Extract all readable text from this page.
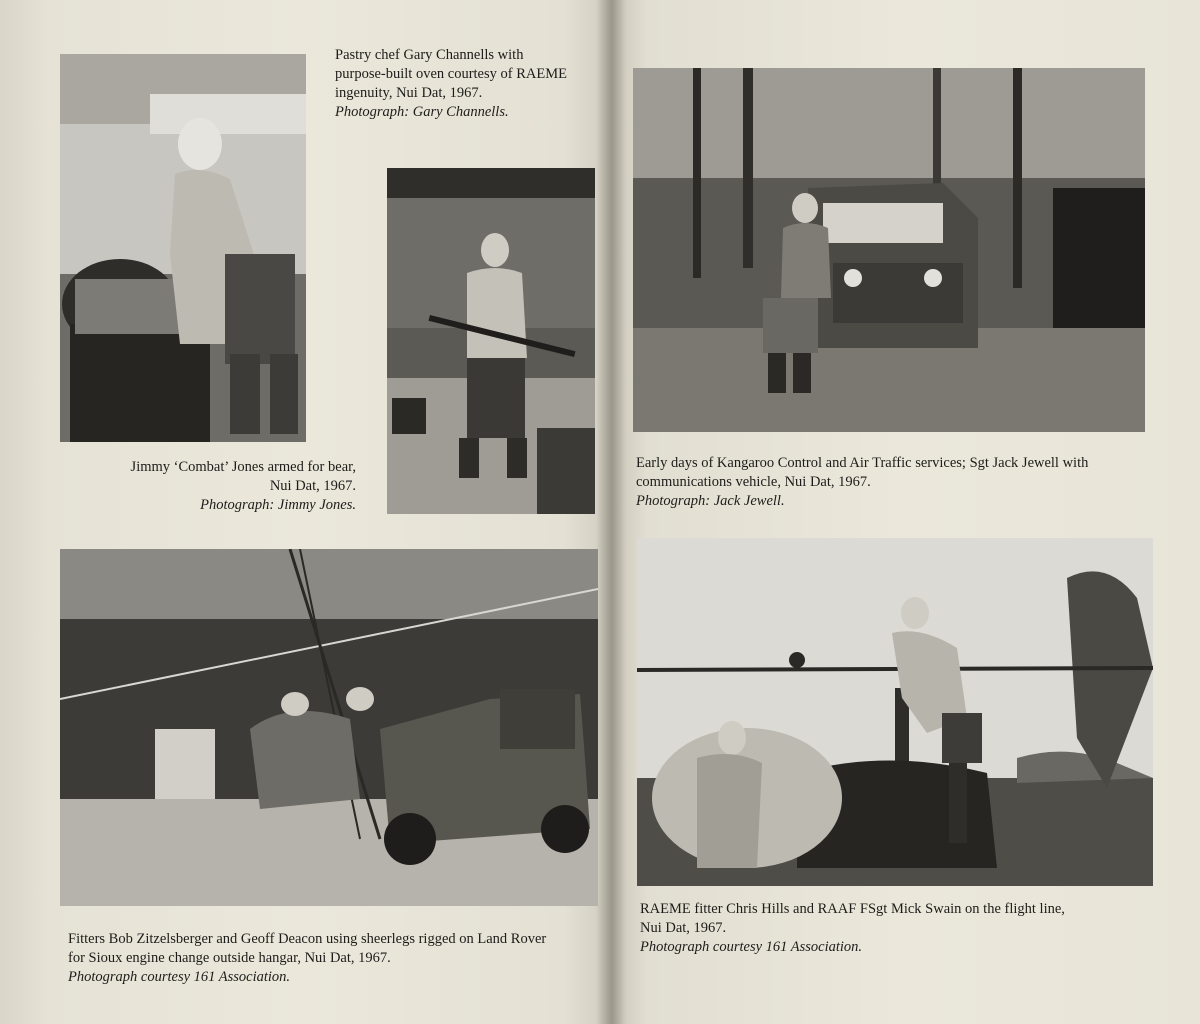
Pastry chef Gary Channells with
purpose-built oven courtesy of RAEME
ingenuity, Nui Dat, 1967.
Photograph: Gary Channells.
Jimmy ‘Combat’ Jones armed for bear,
Nui Dat, 1967.
Photograph: Jimmy Jones.
Fitters Bob Zitzelsberger and Geoff Deacon using sheerlegs rigged on Land Rover
for Sioux engine change outside hangar, Nui Dat, 1967.
Photograph courtesy 161 Association.
Early days of Kangaroo Control and Air Traffic services; Sgt Jack Jewell with
communications vehicle, Nui Dat, 1967.
Photograph: Jack Jewell.
RAEME fitter Chris Hills and RAAF FSgt Mick Swain on the flight line,
Nui Dat, 1967.
Photograph courtesy 161 Association.
